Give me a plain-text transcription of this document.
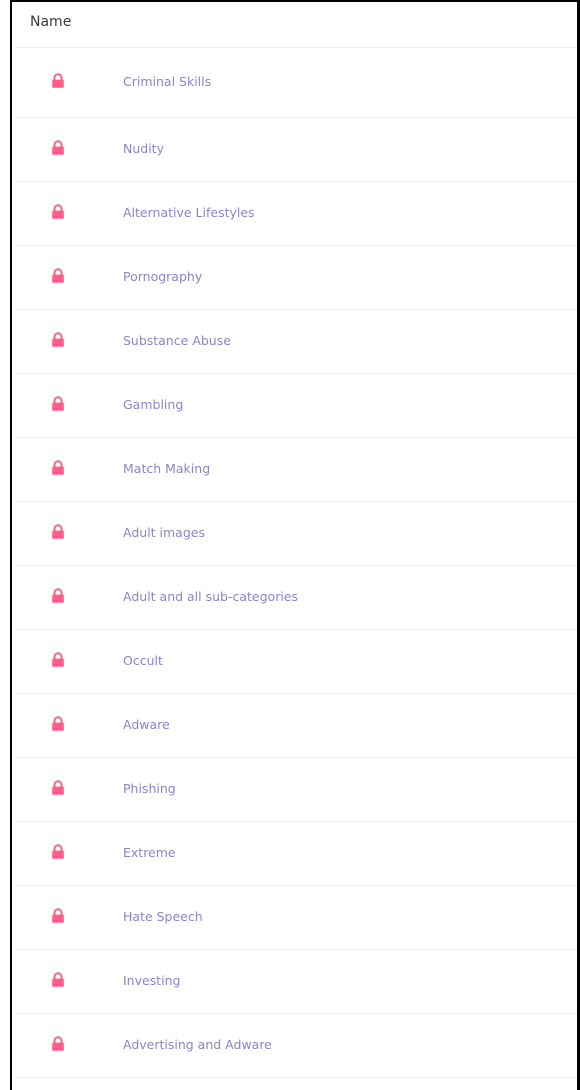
Name
Criminal Skills
Nudity
Alternative Lifestyles
Pornography
Substance Abuse
Gambling
Match Making
Adult images
Adult and all sub-categories
Occult
Adware
Phishing
Extreme
Hate Speech
Investing
Advertising and Adware
